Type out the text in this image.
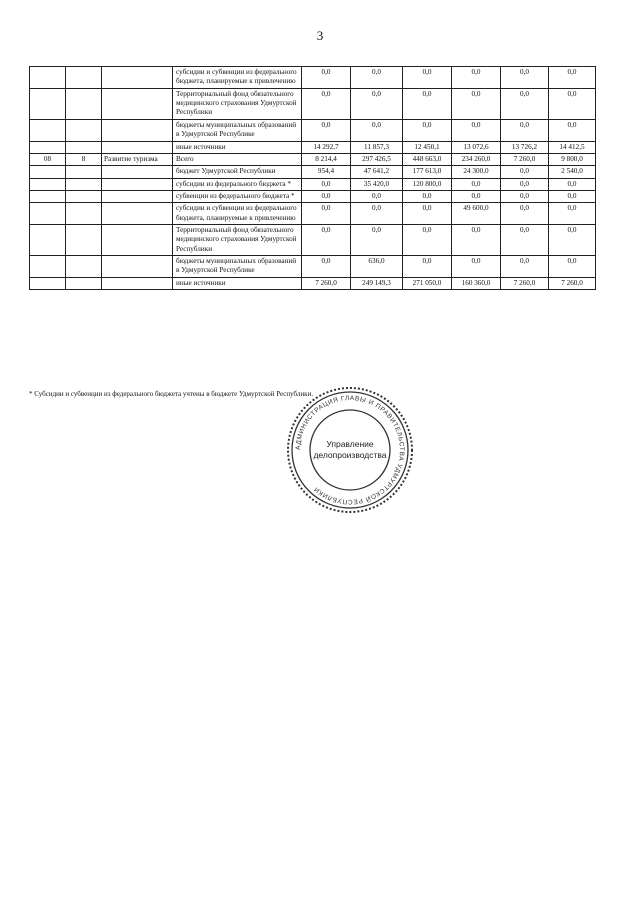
3
			субсидии и субвенции из федерального бюджета, планируемые к привлечению	0,0	0,0	0,0	0,0	0,0	0,0
			Территориальный фонд обязательного медицинского страхования Удмуртской Республики	0,0	0,0	0,0	0,0	0,0	0,0
			бюджеты муниципальных образований в Удмуртской Республике	0,0	0,0	0,0	0,0	0,0	0,0
			иные источники	14 292,7	11 857,3	12 450,1	13 072,6	13 726,2	14 412,5
08	8	Развитие туризма	Всего	8 214,4	297 426,5	448 663,0	234 260,0	7 260,0	9 800,0
			бюджет Удмуртской Республики	954,4	47 641,2	177 613,0	24 300,0	0,0	2 540,0
			субсидии из федерального бюджета *	0,0	35 420,0	120 800,0	0,0	0,0	0,0
			субвенции из федерального бюджета *	0,0	0,0	0,0	0,0	0,0	0,0
			субсидии и субвенции из федерального бюджета, планируемые к привлечению	0,0	0,0	0,0	49 600,0	0,0	0,0
			Территориальный фонд обязательного медицинского страхования Удмуртской Республики	0,0	0,0	0,0	0,0	0,0	0,0
			бюджеты муниципальных образований в Удмуртской Республике	0,0	636,0	0,0	0,0	0,0	0,0
			иные источники	7 260,0	249 149,3	271 050,0	160 360,0	7 260,0	7 260,0
* Субсидии и субвенции из федерального бюджета учтены в бюджете Удмуртской Республики.
АДМИНИСТРАЦИЯ ГЛАВЫ И ПРАВИТЕЛЬСТВА УДМУРТСКОЙ РЕСПУБЛИКИ
Управление
делопроизводства
